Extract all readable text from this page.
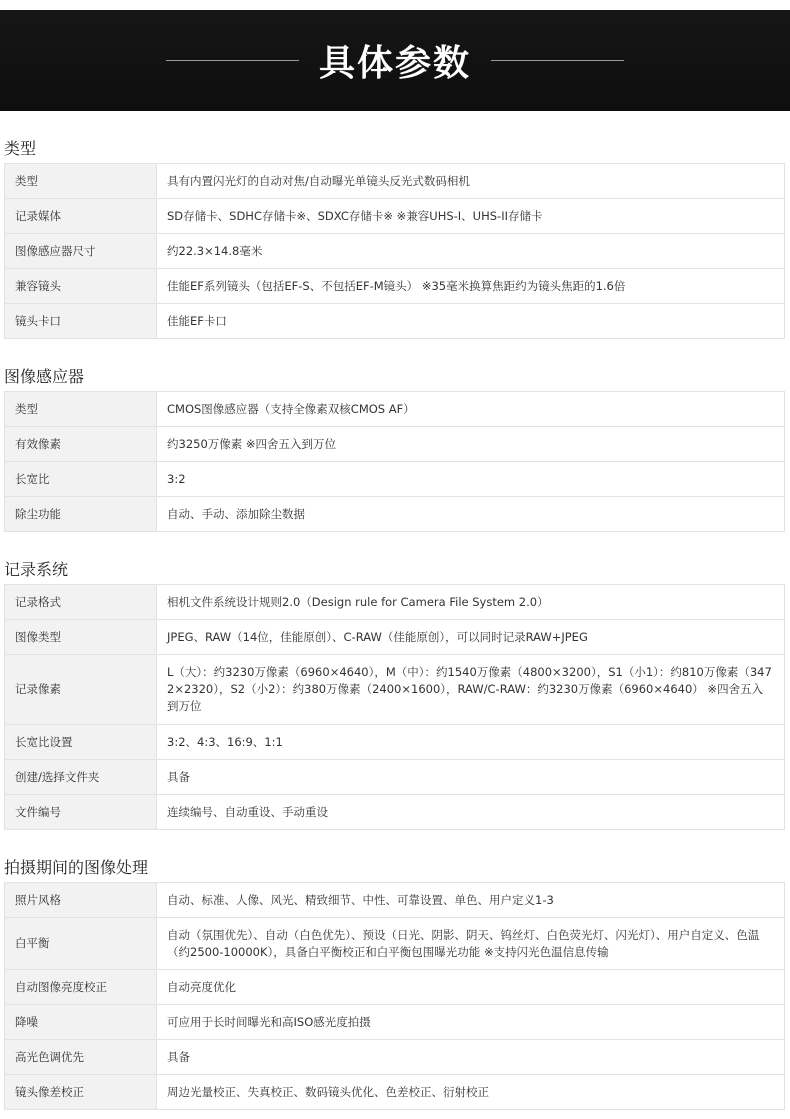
具体参数
类型
类型	具有内置闪光灯的自动对焦/自动曝光单镜头反光式数码相机
记录媒体	SD存储卡、SDHC存储卡※、SDXC存储卡※ ※兼容UHS-I、UHS-II存储卡
图像感应器尺寸	约22.3×14.8毫米
兼容镜头	佳能EF系列镜头（包括EF-S、不包括EF-M镜头） ※35毫米换算焦距约为镜头焦距的1.6倍
镜头卡口	佳能EF卡口
图像感应器
类型	CMOS图像感应器（支持全像素双核CMOS AF）
有效像素	约3250万像素 ※四舍五入到万位
长宽比	3:2
除尘功能	自动、手动、添加除尘数据
记录系统
记录格式	相机文件系统设计规则2.0（Design rule for Camera File System 2.0）
图像类型	JPEG、RAW（14位，佳能原创）、C-RAW（佳能原创），可以同时记录RAW+JPEG
记录像素	L（大）：约3230万像素（6960×4640），M（中）：约1540万像素（4800×3200），S1（小1）：约810万像素（3472×2320），S2（小2）：约380万像素（2400×1600），RAW/C-RAW：约3230万像素（6960×4640） ※四舍五入到万位
长宽比设置	3:2、4:3、16:9、1:1
创建/选择文件夹	具备
文件编号	连续编号、自动重设、手动重设
拍摄期间的图像处理
照片风格	自动、标准、人像、风光、精致细节、中性、可靠设置、单色、用户定义1-3
白平衡	自动（氛围优先）、自动（白色优先）、预设（日光、阴影、阴天、钨丝灯、白色荧光灯、闪光灯）、用户自定义、色温（约2500-10000K），具备白平衡校正和白平衡包围曝光功能 ※支持闪光色温信息传输
自动图像亮度校正	自动亮度优化
降噪	可应用于长时间曝光和高ISO感光度拍摄
高光色调优先	具备
镜头像差校正	周边光量校正、失真校正、数码镜头优化、色差校正、衍射校正
